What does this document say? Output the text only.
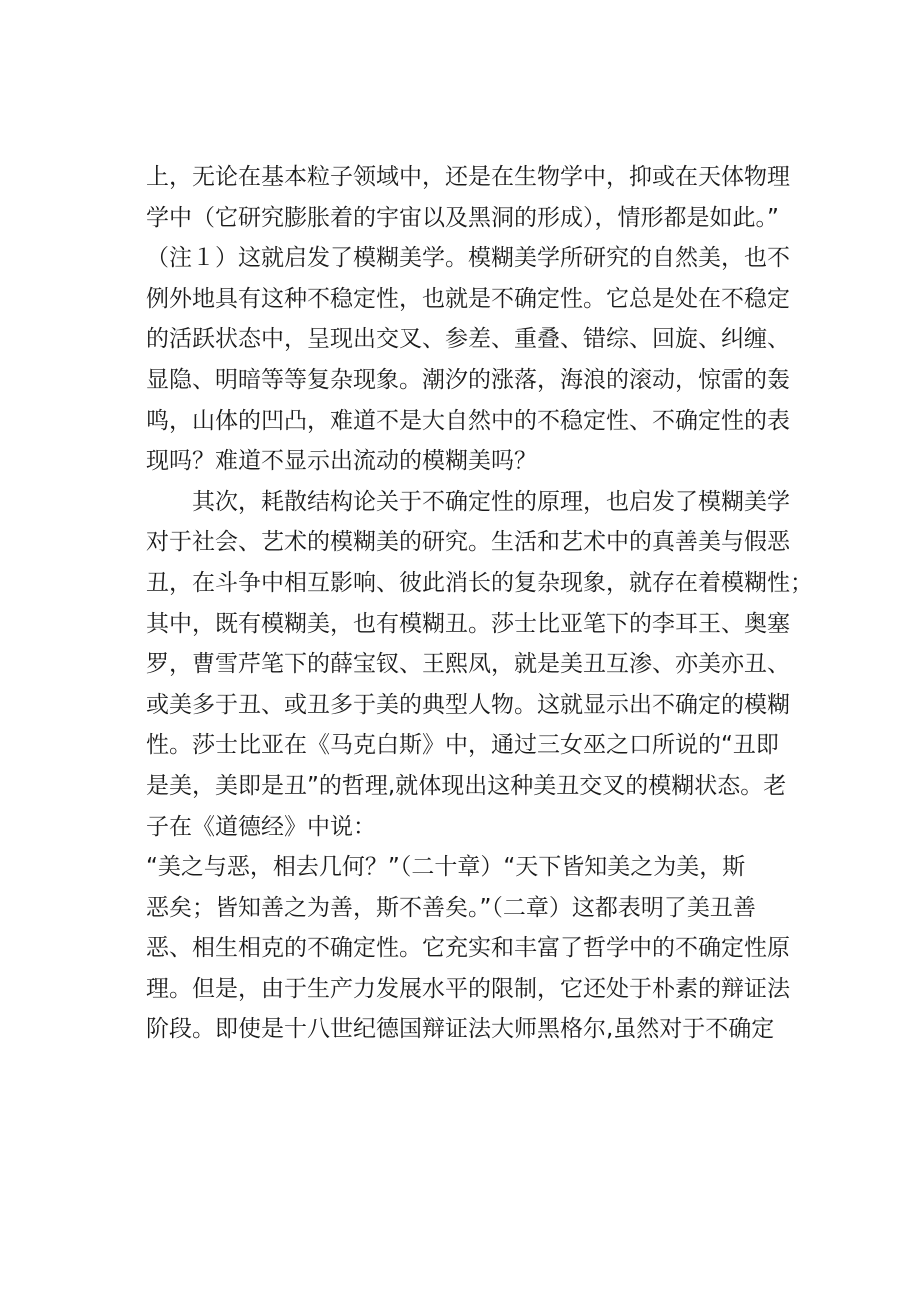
上，无论在基本粒子领域中，还是在生物学中，抑或在天体物理
学中（它研究膨胀着的宇宙以及黑洞的形成），情形都是如此。”
（注１）这就启发了模糊美学。模糊美学所研究的自然美，也不
例外地具有这种不稳定性，也就是不确定性。它总是处在不稳定
的活跃状态中，呈现出交叉、参差、重叠、错综、回旋、纠缠、
显隐、明暗等等复杂现象。潮汐的涨落，海浪的滚动，惊雷的轰
鸣，山体的凹凸，难道不是大自然中的不稳定性、不确定性的表
现吗？难道不显示出流动的模糊美吗？
其次，耗散结构论关于不确定性的原理，也启发了模糊美学
对于社会、艺术的模糊美的研究。生活和艺术中的真善美与假恶
丑，在斗争中相互影响、彼此消长的复杂现象，就存在着模糊性；
其中，既有模糊美，也有模糊丑。莎士比亚笔下的李耳王、奥塞
罗，曹雪芹笔下的薛宝钗、王熙凤，就是美丑互渗、亦美亦丑、
或美多于丑、或丑多于美的典型人物。这就显示出不确定的模糊
性。莎士比亚在《马克白斯》中，通过三女巫之口所说的“丑即
是美，美即是丑”的哲理,就体现出这种美丑交叉的模糊状态。老
子在《道德经》中说：
“美之与恶，相去几何？”（二十章）“天下皆知美之为美，斯
恶矣；皆知善之为善，斯不善矣。”（二章）这都表明了美丑善
恶、相生相克的不确定性。它充实和丰富了哲学中的不确定性原
理。但是，由于生产力发展水平的限制，它还处于朴素的辩证法
阶段。即使是十八世纪德国辩证法大师黑格尔,虽然对于不确定
